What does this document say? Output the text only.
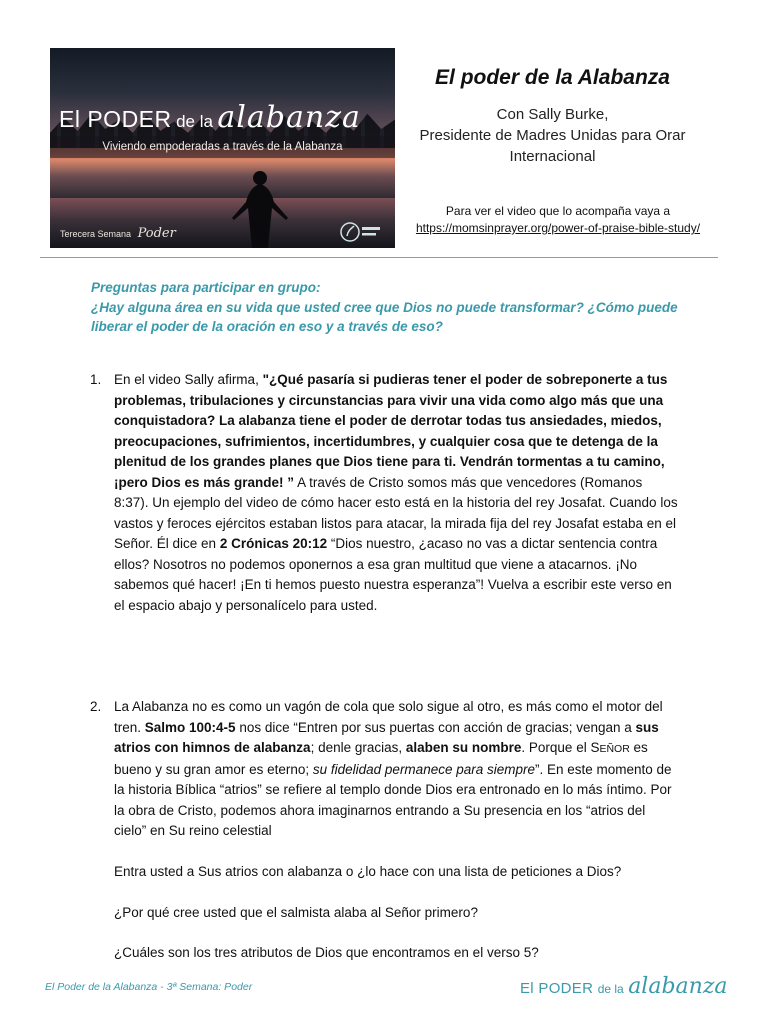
El PODER de la alabanza
Viviendo empoderadas a través de la Alabanza
Terecera Semana Poder
El poder de la Alabanza
Con Sally Burke,
Presidente de Madres Unidas para Orar
Internacional
Para ver el video que lo acompaña vaya a
https://momsinprayer.org/power-of-praise-bible-study/
Preguntas para participar en grupo:
¿Hay alguna área en su vida que usted cree que Dios no puede transformar? ¿Cómo puede liberar el poder de la oración en eso y a través de eso?
1. En el video Sally afirma, "¿Qué pasaría si pudieras tener el poder de sobreponerte a tus problemas, tribulaciones y circunstancias para vivir una vida como algo más que una conquistadora? La alabanza tiene el poder de derrotar todas tus ansiedades, miedos, preocupaciones, sufrimientos, incertidumbres, y cualquier cosa que te detenga de la plenitud de los grandes planes que Dios tiene para ti. Vendrán tormentas a tu camino, ¡pero Dios es más grande! ” A través de Cristo somos más que vencedores (Romanos 8:37). Un ejemplo del video de cómo hacer esto está en la historia del rey Josafat. Cuando los vastos y feroces ejércitos estaban listos para atacar, la mirada fija del rey Josafat estaba en el Señor. Él dice en 2 Crónicas 20:12 “Dios nuestro, ¿acaso no vas a dictar sentencia contra ellos? Nosotros no podemos oponernos a esa gran multitud que viene a atacarnos. ¡No sabemos qué hacer! ¡En ti hemos puesto nuestra esperanza”! Vuelva a escribir este verso en el espacio abajo y personalícelo para usted.
2. La Alabanza no es como un vagón de cola que solo sigue al otro, es más como el motor del tren. Salmo 100:4-5 nos dice “Entren por sus puertas con acción de gracias; vengan a sus atrios con himnos de alabanza; denle gracias, alaben su nombre. Porque el SEÑOR es bueno y su gran amor es eterno; su fidelidad permanece para siempre”. En este momento de la historia Bíblica “atrios” se refiere al templo donde Dios era entronado en lo más íntimo. Por la obra de Cristo, podemos ahora imaginarnos entrando a Su presencia en los “atrios del cielo” en Su reino celestial
Entra usted a Sus atrios con alabanza o ¿lo hace con una lista de peticiones a Dios?
¿Por qué cree usted que el salmista alaba al Señor primero?
¿Cuáles son los tres atributos de Dios que encontramos en el verso 5?
El Poder de la Alabanza - 3ª Semana: Poder	El PODER de la alabanza
